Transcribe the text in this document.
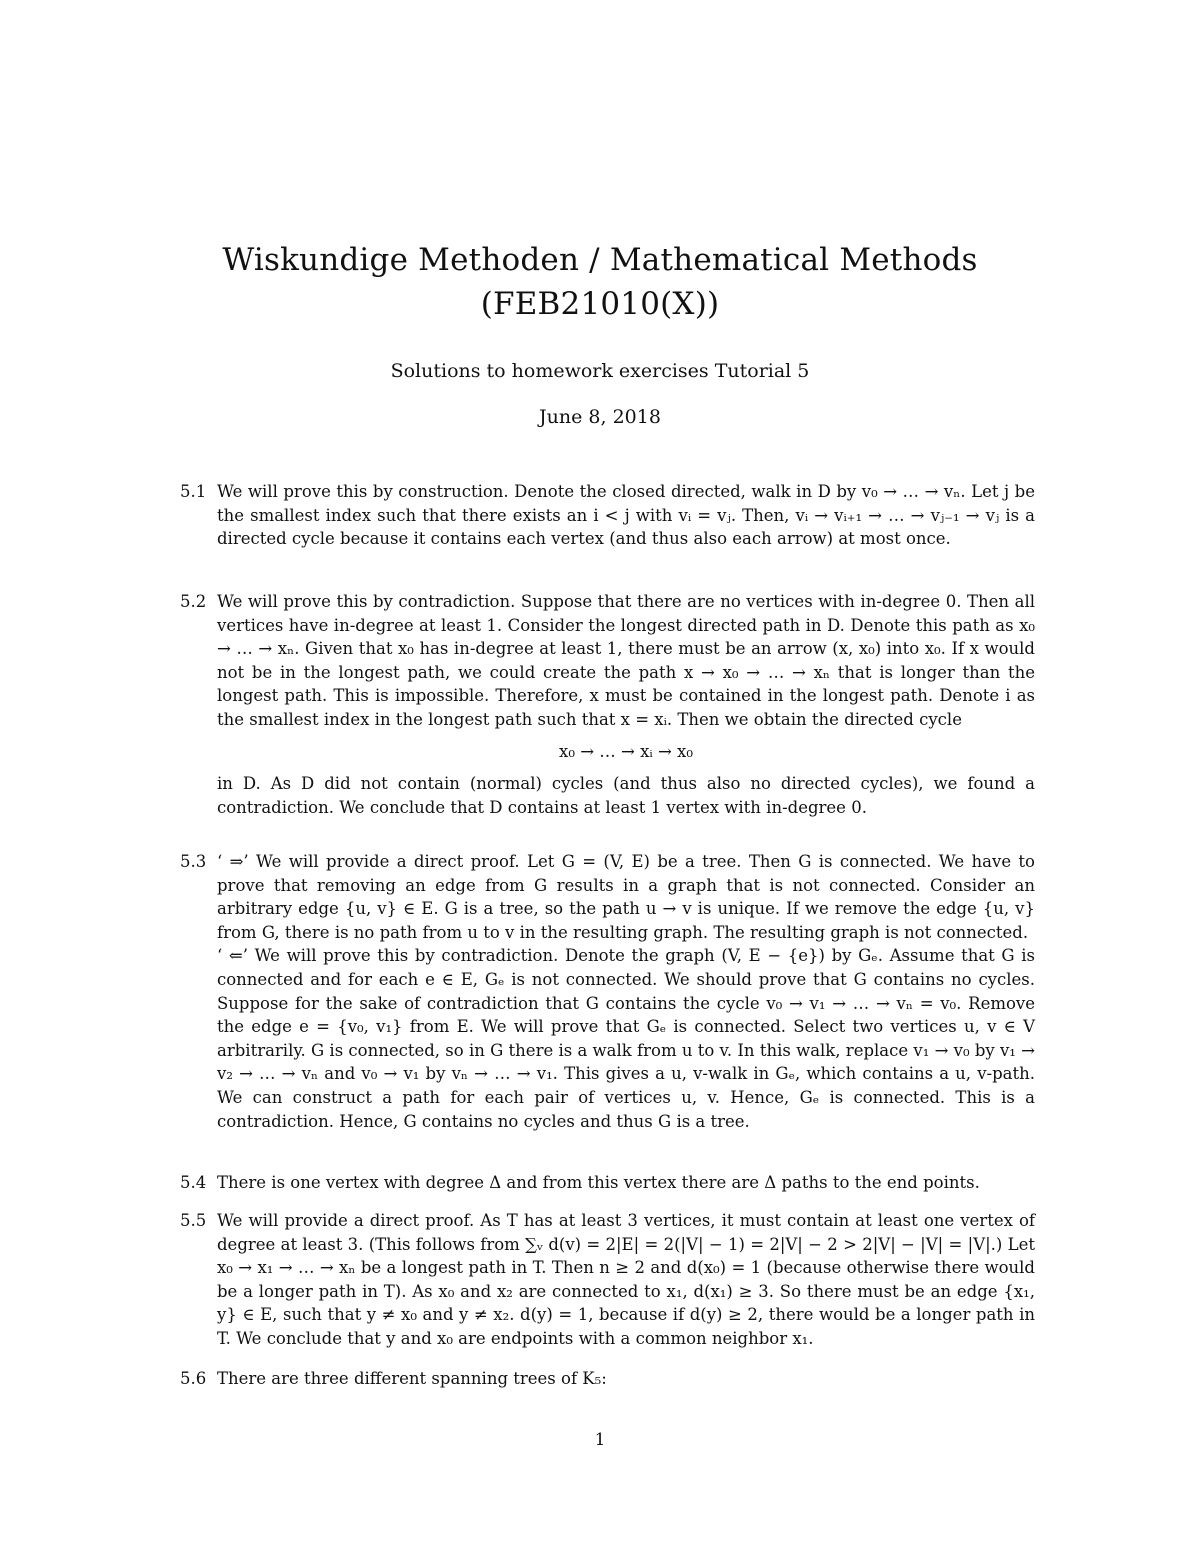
Wiskundige Methoden / Mathematical Methods
(FEB21010(X))
Solutions to homework exercises Tutorial 5
June 8, 2018
5.1 We will prove this by construction. Denote the closed directed, walk in D by v₀ → … → vₙ. Let j be the smallest index such that there exists an i < j with vᵢ = vⱼ. Then, vᵢ → vᵢ₊₁ → … → vⱼ₋₁ → vⱼ is a directed cycle because it contains each vertex (and thus also each arrow) at most once.

5.2 We will prove this by contradiction. Suppose that there are no vertices with in-degree 0. Then all vertices have in-degree at least 1. Consider the longest directed path in D. Denote this path as x₀ → … → xₙ. Given that x₀ has in-degree at least 1, there must be an arrow (x, x₀) into x₀. If x would not be in the longest path, we could create the path x → x₀ → … → xₙ that is longer than the longest path. This is impossible. Therefore, x must be contained in the longest path. Denote i as the smallest index in the longest path such that x = xᵢ. Then we obtain the directed cycle

x₀ → … → xᵢ → x₀

in D. As D did not contain (normal) cycles (and thus also no directed cycles), we found a contradiction. We conclude that D contains at least 1 vertex with in-degree 0.

5.3 ‘ ⇒’ We will provide a direct proof. Let G = (V, E) be a tree. Then G is connected. We have to prove that removing an edge from G results in a graph that is not connected. Consider an arbitrary edge {u, v} ∈ E. G is a tree, so the path u → v is unique. If we remove the edge {u, v} from G, there is no path from u to v in the resulting graph. The resulting graph is not connected.

‘ ⇐’ We will prove this by contradiction. Denote the graph (V, E − {e}) by Gₑ. Assume that G is connected and for each e ∈ E, Gₑ is not connected. We should prove that G contains no cycles. Suppose for the sake of contradiction that G contains the cycle v₀ → v₁ → … → vₙ = v₀. Remove the edge e = {v₀, v₁} from E. We will prove that Gₑ is connected. Select two vertices u, v ∈ V arbitrarily. G is connected, so in G there is a walk from u to v. In this walk, replace v₁ → v₀ by v₁ → v₂ → … → vₙ and v₀ → v₁ by vₙ → … → v₁. This gives a u, v-walk in Gₑ, which contains a u, v-path. We can construct a path for each pair of vertices u, v. Hence, Gₑ is connected. This is a contradiction. Hence, G contains no cycles and thus G is a tree.

5.4 There is one vertex with degree Δ and from this vertex there are Δ paths to the end points.

5.5 We will provide a direct proof. As T has at least 3 vertices, it must contain at least one vertex of degree at least 3. (This follows from ∑ᵥ d(v) = 2|E| = 2(|V| − 1) = 2|V| − 2 > 2|V| − |V| = |V|.) Let x₀ → x₁ → … → xₙ be a longest path in T. Then n ≥ 2 and d(x₀) = 1 (because otherwise there would be a longer path in T). As x₀ and x₂ are connected to x₁, d(x₁) ≥ 3. So there must be an edge {x₁, y} ∈ E, such that y ≠ x₀ and y ≠ x₂. d(y) = 1, because if d(y) ≥ 2, there would be a longer path in T. We conclude that y and x₀ are endpoints with a common neighbor x₁.

5.6 There are three different spanning trees of K₅:

1
